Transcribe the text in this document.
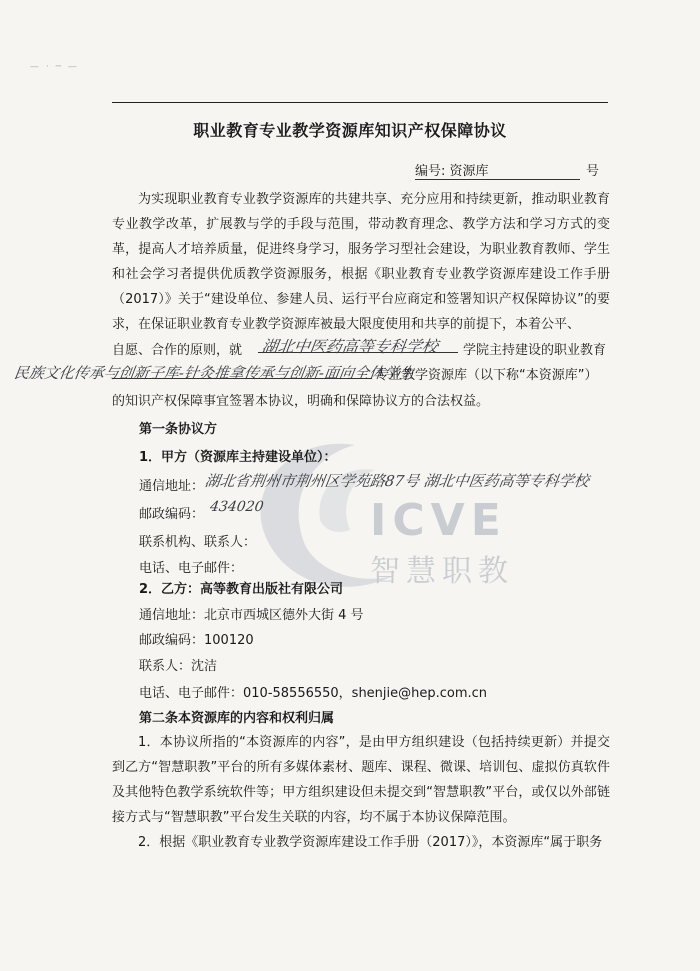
— · ─ —
ICVE
智慧职教
职业教育专业教学资源库知识产权保障协议
编号: 资源库	号
为实现职业教育专业教学资源库的共建共享、充分应用和持续更新，推动职业教育专业教学改革，扩展教与学的手段与范围，带动教育理念、教学方法和学习方式的变革，提高人才培养质量，促进终身学习，服务学习型社会建设，为职业教育教师、学生和社会学习者提供优质教学资源服务，根据《职业教育专业教学资源库建设工作手册（2017）》关于“建设单位、参建人员、运行平台应商定和签署知识产权保障协议”的要求，在保证职业教育专业教学资源库被最大限度使用和共享的前提下，本着公平、
自愿、合作的原则，就 湖北中医药高等专科学校 学院主持建设的职业教育
民族文化传承与创新子库-针灸推拿传承与创新-面向全体学生
专业教学资源库（以下称“本资源库”）
的知识产权保障事宜签署本协议，明确和保障协议方的合法权益。
第一条协议方
1．甲方（资源库主持建设单位）：
通信地址： 湖北省荆州市荆州区学苑路87号 湖北中医药高等专科学校
邮政编码： 434020
联系机构、联系人：
电话、电子邮件：
2．乙方：高等教育出版社有限公司
通信地址：北京市西城区德外大街 4 号
邮政编码：100120
联系人：沈洁
电话、电子邮件：010-58556550，shenjie@hep.com.cn
第二条本资源库的内容和权利归属
1．本协议所指的“本资源库的内容”，是由甲方组织建设（包括持续更新）并提交到乙方“智慧职教”平台的所有多媒体素材、题库、课程、微课、培训包、虚拟仿真软件及其他特色教学系统软件等；甲方组织建设但未提交到“智慧职教”平台，或仅以外部链接方式与“智慧职教”平台发生关联的内容，均不属于本协议保障范围。
2．根据《职业教育专业教学资源库建设工作手册（2017）》，本资源库“属于职务
